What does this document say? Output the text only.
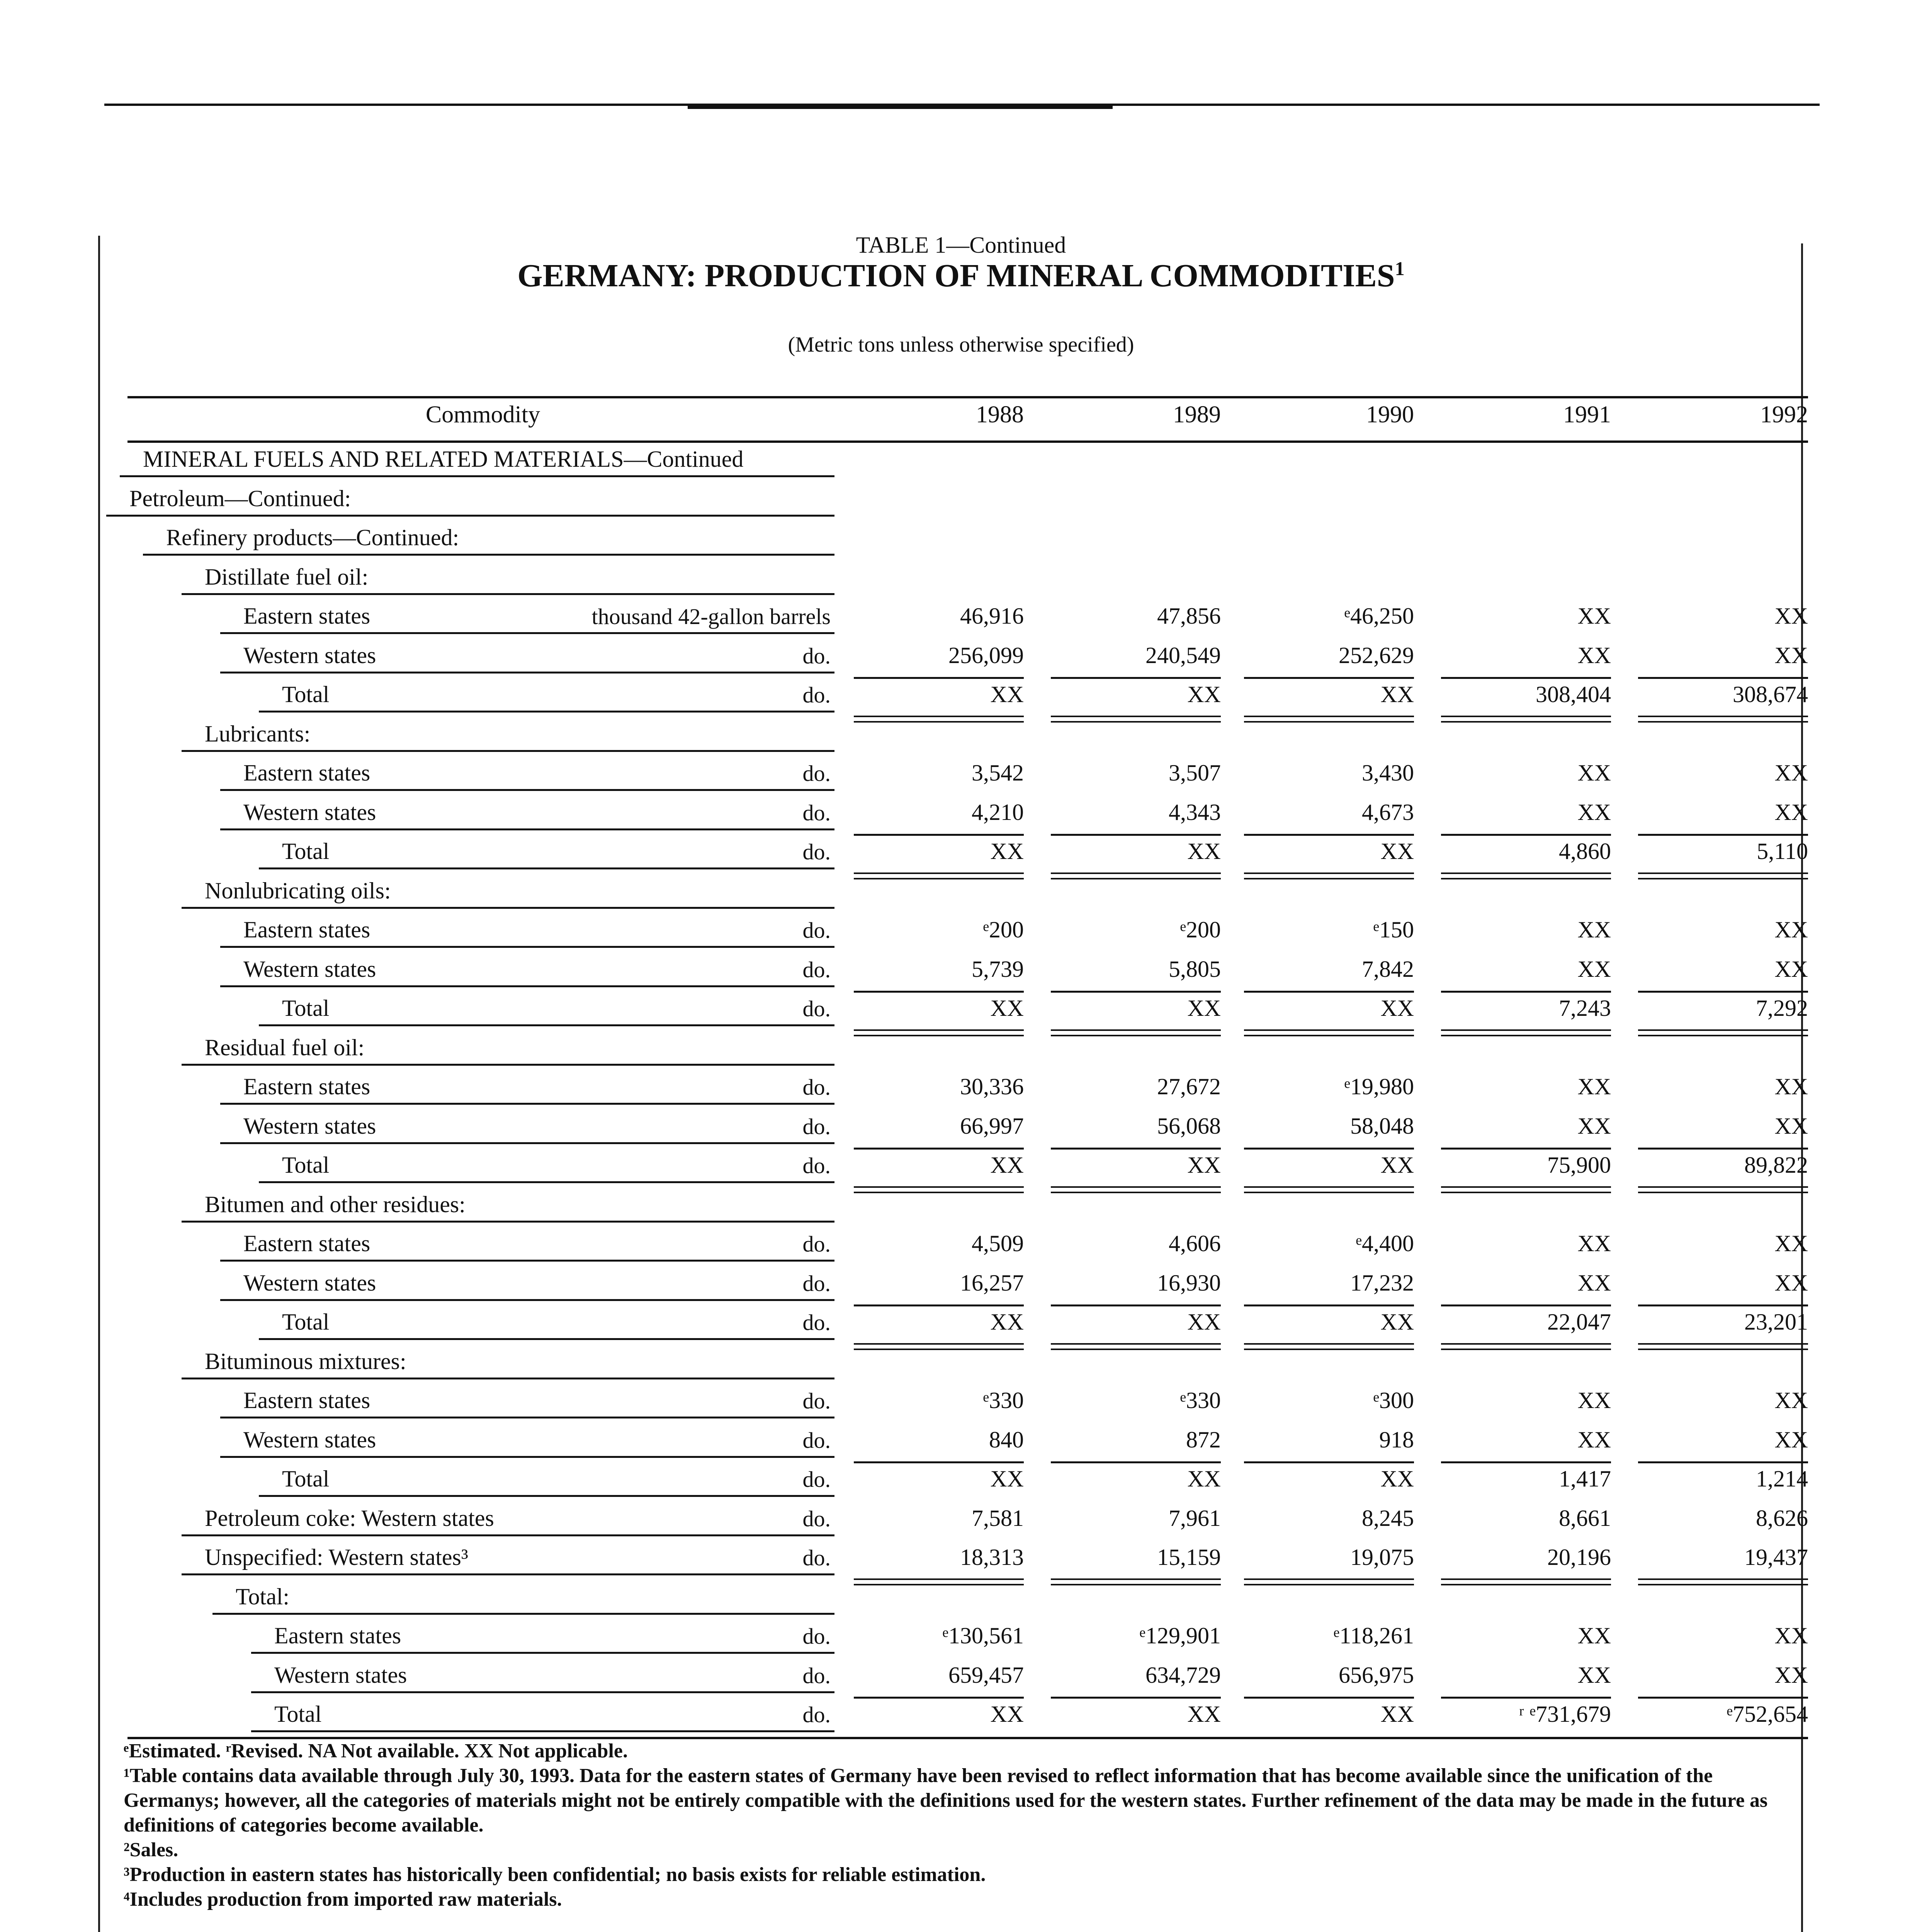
TABLE 1—Continued
GERMANY: PRODUCTION OF MINERAL COMMODITIES$^1$
(Metric tons unless otherwise specified)
Commodity	1988	1989	1990	1991	1992
MINERAL FUELS AND RELATED MATERIALS—Continued
Petroleum—Continued:
Refinery products—Continued:
Distillate fuel oil:
Eastern states	thousand 42-gallon barrels	46,916	47,856	ᵉ46,250	XX	XX
Western states	do.	256,099	240,549	252,629	XX	XX
Total	do.	XX	XX	XX	308,404	308,674
Lubricants:
Eastern states	do.	3,542	3,507	3,430	XX	XX
Western states	do.	4,210	4,343	4,673	XX	XX
Total	do.	XX	XX	XX	4,860	5,110
Nonlubricating oils:
Eastern states	do.	ᵉ200	ᵉ200	ᵉ150	XX	XX
Western states	do.	5,739	5,805	7,842	XX	XX
Total	do.	XX	XX	XX	7,243	7,292
Residual fuel oil:
Eastern states	do.	30,336	27,672	ᵉ19,980	XX	XX
Western states	do.	66,997	56,068	58,048	XX	XX
Total	do.	XX	XX	XX	75,900	89,822
Bitumen and other residues:
Eastern states	do.	4,509	4,606	ᵉ4,400	XX	XX
Western states	do.	16,257	16,930	17,232	XX	XX
Total	do.	XX	XX	XX	22,047	23,201
Bituminous mixtures:
Eastern states	do.	ᵉ330	ᵉ330	ᵉ300	XX	XX
Western states	do.	840	872	918	XX	XX
Total	do.	XX	XX	XX	1,417	1,214
Petroleum coke: Western states	do.	7,581	7,961	8,245	8,661	8,626
Unspecified: Western states³	do.	18,313	15,159	19,075	20,196	19,437
Total:
Eastern states	do.	ᵉ130,561	ᵉ129,901	ᵉ118,261	XX	XX
Western states	do.	659,457	634,729	656,975	XX	XX
Total	do.	XX	XX	XX	ʳ ᵉ731,679	ᵉ752,654

ᵉEstimated. ʳRevised. NA Not available. XX Not applicable.

¹Table contains data available through July 30, 1993. Data for the eastern states of Germany have been revised to reflect information that has become available since the unification of the Germanys; however, all the categories of materials might not be entirely compatible with the definitions used for the western states. Further refinement of the data may be made in the future as definitions of categories become available.

²Sales.

³Production in eastern states has historically been confidential; no basis exists for reliable estimation.

⁴Includes production from imported raw materials.
